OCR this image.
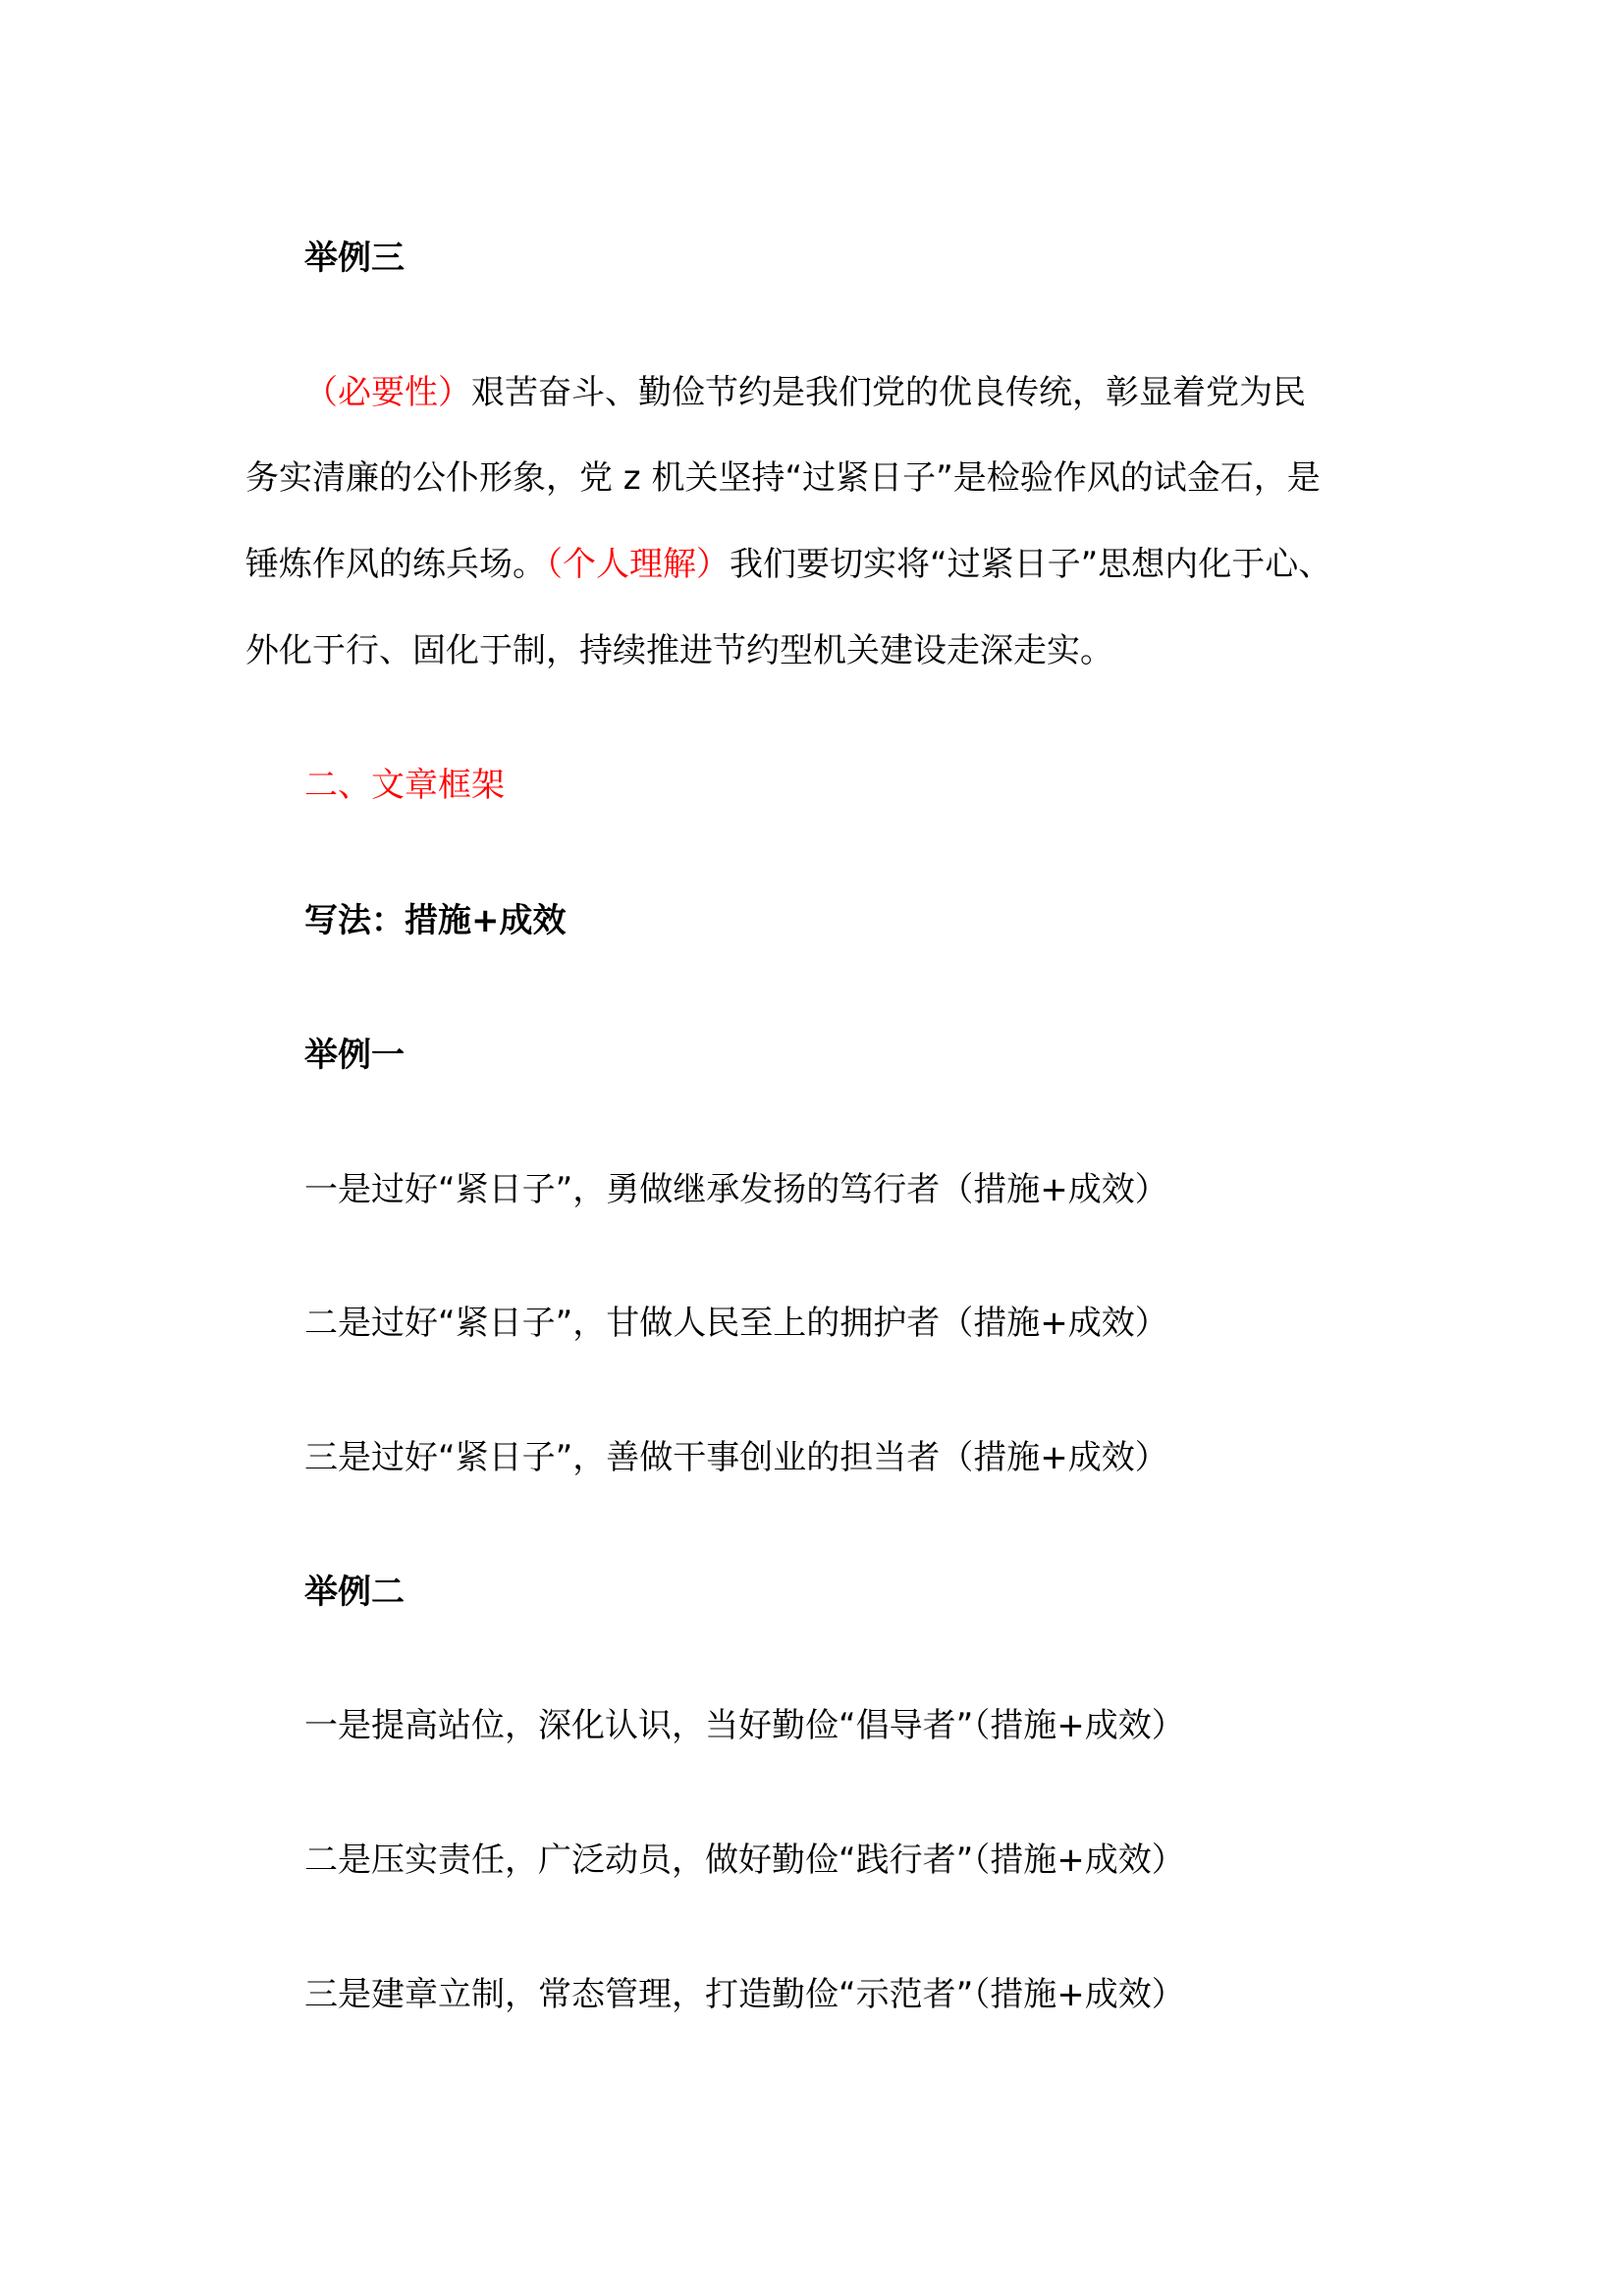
举例三
（必要性）艰苦奋斗、勤俭节约是我们党的优良传统，彰显着党为民
务实清廉的公仆形象，党 z 机关坚持“过紧日子”是检验作风的试金石，是
锤炼作风的练兵场。（个人理解）我们要切实将“过紧日子”思想内化于心、
外化于行、固化于制，持续推进节约型机关建设走深走实。
二、文章框架
写法：措施+成效
举例一
一是过好“紧日子”，勇做继承发扬的笃行者（措施+成效）
二是过好“紧日子”，甘做人民至上的拥护者（措施+成效）
三是过好“紧日子”，善做干事创业的担当者（措施+成效）
举例二
一是提高站位，深化认识，当好勤俭“倡导者”（措施+成效）
二是压实责任，广泛动员，做好勤俭“践行者”（措施+成效）
三是建章立制，常态管理，打造勤俭“示范者”（措施+成效）
